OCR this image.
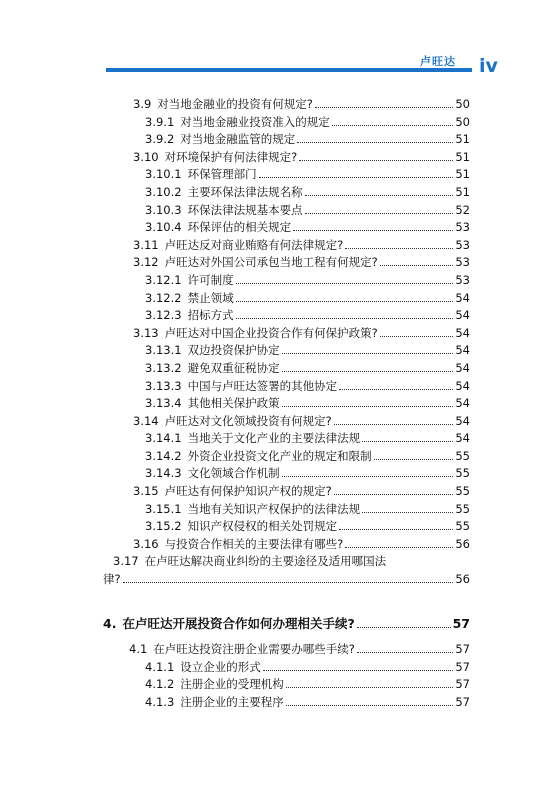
卢旺达 iv
3.9 对当地金融业的投资有何规定?	50
3.9.1 对当地金融业投资准入的规定	50
3.9.2 对当地金融监管的规定	51
3.10 对环境保护有何法律规定?	51
3.10.1 环保管理部门	51
3.10.2 主要环保法律法规名称	51
3.10.3 环保法律法规基本要点	52
3.10.4 环保评估的相关规定	53
3.11 卢旺达反对商业贿赂有何法律规定?	53
3.12 卢旺达对外国公司承包当地工程有何规定?	53
3.12.1 许可制度	53
3.12.2 禁止领域	54
3.12.3 招标方式	54
3.13 卢旺达对中国企业投资合作有何保护政策?	54
3.13.1 双边投资保护协定	54
3.13.2 避免双重征税协定	54
3.13.3 中国与卢旺达签署的其他协定	54
3.13.4 其他相关保护政策	54
3.14 卢旺达对文化领域投资有何规定?	54
3.14.1 当地关于文化产业的主要法律法规	54
3.14.2 外资企业投资文化产业的规定和限制	55
3.14.3 文化领域合作机制	55
3.15 卢旺达有何保护知识产权的规定?	55
3.15.1 当地有关知识产权保护的法律法规	55
3.15.2 知识产权侵权的相关处罚规定	55
3.16 与投资合作相关的主要法律有哪些?	56
3.17 在卢旺达解决商业纠纷的主要途径及适用哪国法
律?	56
4. 在卢旺达开展投资合作如何办理相关手续?	57
4.1 在卢旺达投资注册企业需要办哪些手续?	57
4.1.1 设立企业的形式	57
4.1.2 注册企业的受理机构	57
4.1.3 注册企业的主要程序	57
